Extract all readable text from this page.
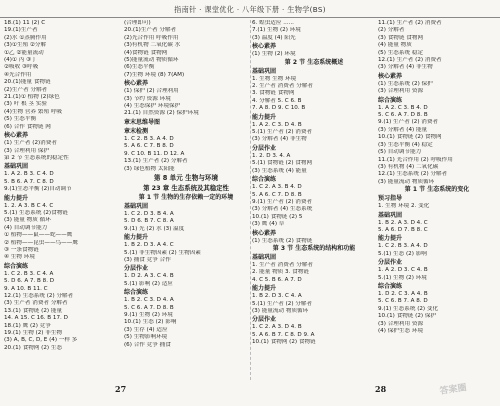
指南针 · 课堂优化 · 八年级下册 · 生物学(BS)
18.(1) 11 (2) C
19.(1)生产者
(2)水 ①蒸腾作用
(3)①生殖 ②分解
①乙 ②能量流动
(4)① 丙 ③丁
②吸收 ③呼吸
④光合作用
20.(1)能量 食物链
(2)生产者 分解者
21.(1)① 植物 (2)绿色
(3) 叶 根 茎 实验
(4)生物 营养 繁殖 呼吸
(5) 生态平衡
(6) 合作 食物链 网
核心素养
(1) 生产者 (2)消费者
(3) 合理利用 保护
第 2 节 生态系统的稳定性
基础巩固
1. A 2. B 3. C 4. D
5. B 6. A 7. C 8. D
9.(1)生态平衡 (2)自动调节
能力提升
1. 2. A 3. B C 4. C
5.(1) 生态系统 (2)食物链
(3) 能量 物质 循环
(4) 自动调节能力
① 植物——鼠——蛇——鹰
② 植物——昆虫——鸟——鹰
③ 一条食物链
④ 生物 环境
综合演练
1. C 2. B 3. C 4. A
5. D 6. A 7. B 8. D
9. A 10. B 11. C
12.(1) 生态系统 (2) 分解者
(3) 生产者 消费者 分解者
13.(1) 食物链 (2) 能量
14. A 15. C 16. B 17. D
18.(1) 鹰 (2) 竞争
19.(1) 生物 (2) 非生物
(3) A, B, C, D, E (4) 一样 多
20.(1) 食物网 (2) 生态
(合理即可)
20.(1)生产者 分解者
(2)光合作用 呼吸作用
(3)有机物 二氧化碳 水
(4)食物链 食物网
(5)能量流动 物质循环
(6)生态平衡
(7)生物 环境 (8) 7(AM)
核心素养
(1) 保护 (2) 合理利用
(3) 节约 资源 环境
(4) 生态保护 环境保护
21.(1) 自然资源 (2) 保护环境
章末思维导图
章末检测
1. C 2. B 3. A 4. D
5. A 6. C 7. B 8. D
9. C 10. B 11. D 12. A
13.(1) 生产者 (2) 分解者
(3) 绿色植物 太阳能
第 8 单元 生物与环境
第 23 章 生态系统及其稳定性
第 1 节 生物的生存依赖一定的环境
基础巩固
1. C 2. D 3. B 4. A
5. D 6. B 7. C 8. A
9.(1) 光 (2) 水 (3) 温度
能力提升
1. B 2. D 3. A 4. C
5.(1) 非生物因素 (2) 生物因素
(3) 捕食 竞争 合作
分层作业
1. D 2. A 3. C 4. B
5.(1) 影响 (2) 适应
综合演练
1. B 2. C 3. D 4. A
5. C 6. A 7. D 8. B
9.(1) 生物 (2) 环境
10.(1) 生态 (2) 影响
(3) 生存 (4) 适应
(5) 生物影响环境
(6) 合作 竞争 捕食
6. 蝗虫适应 ......
7.(1) 生物 (2) 环境
(3) 温度 (4) 阳光
核心素养
(1) 生物 (2) 环境
第 2 节 生态系统概述
基础巩固
1. 生物 生物 环境
2. 生产者 消费者 分解者
3. 食物链 食物网
4. 分解者 5. C 6. B
7. A 8. D 9. C 10. B
能力提升
1. A 2. C 3. D 4. B
5.(1) 生产者 (2) 消费者
(3) 分解者 (4) 非生物
分层作业
1. 2. D 3. 4. A
5.(1) 食物链 (2) 食物网
(3) 生态系统 (4) 能量
综合演练
1. C 2. A 3. B 4. D
5. A 6. C 7. D 8. B
9.(1) 生产者 (2) 消费者
(3) 分解者 (4) 生态系统
10.(1) 食物链 (2) 5
(3) 鹰 (4) 草
核心素养
(1) 生态系统 (2) 食物链
第 3 节 生态系统的结构和功能
基础巩固
1. 生产者 消费者 分解者
2. 能量 物质 3. 食物链
4. C 5. B 6. A 7. D
能力提升
1. B 2. D 3. C 4. A
5.(1) 生产者 (2) 分解者
(3) 能量流动 物质循环
分层作业
1. C 2. A 3. D 4. B
5. A 6. B 7. C 8. D 9. A
10.(1) 食物网 (2) 食物链
11.(1) 生产者 (2) 消费者
(2) 分解者
(3) 食物链 食物网
(4) 能量 物质
(5) 生态系统 稳定
12.(1) 生产者 (2) 消费者
(3) 分解者 (4) 非生物
核心素养
(1) 生态系统 (2) 保护
(3) 合理利用 资源
综合演练
1. A 2. C 3. B 4. D
5. C 6. A 7. D 8. B
9.(1) 生产者 (2) 消费者
(3) 分解者 (4) 能量
10.(1) 食物链 (2) 食物网
(3) 生态平衡 (4) 稳定
(5) 自动调节能力
11.(1) 光合作用 (2) 呼吸作用
(3) 有机物 (4) 二氧化碳
12.(1) 生态系统 (2) 分解者
(3) 能量流动 物质循环
第 1 节 生态系统的变化
预习指导
1. 生物 环境 2. 变化
基础巩固
1. B 2. A 3. D 4. C
5. A 6. D 7. B 8. C
能力提升
1. C 2. B 3. A 4. D
5.(1) 生态 (2) 影响
分层作业
1. A 2. D 3. C 4. B
5.(1) 生物 (2) 环境
综合演练
1. D 2. C 3. A 4. B
5. C 6. B 7. A 8. D
9.(1) 生态系统 (2) 变化
10.(1) 食物链 (2) 保护
(3) 合理利用 资源
(4) 保护生态 环境
27	28	答案圈
